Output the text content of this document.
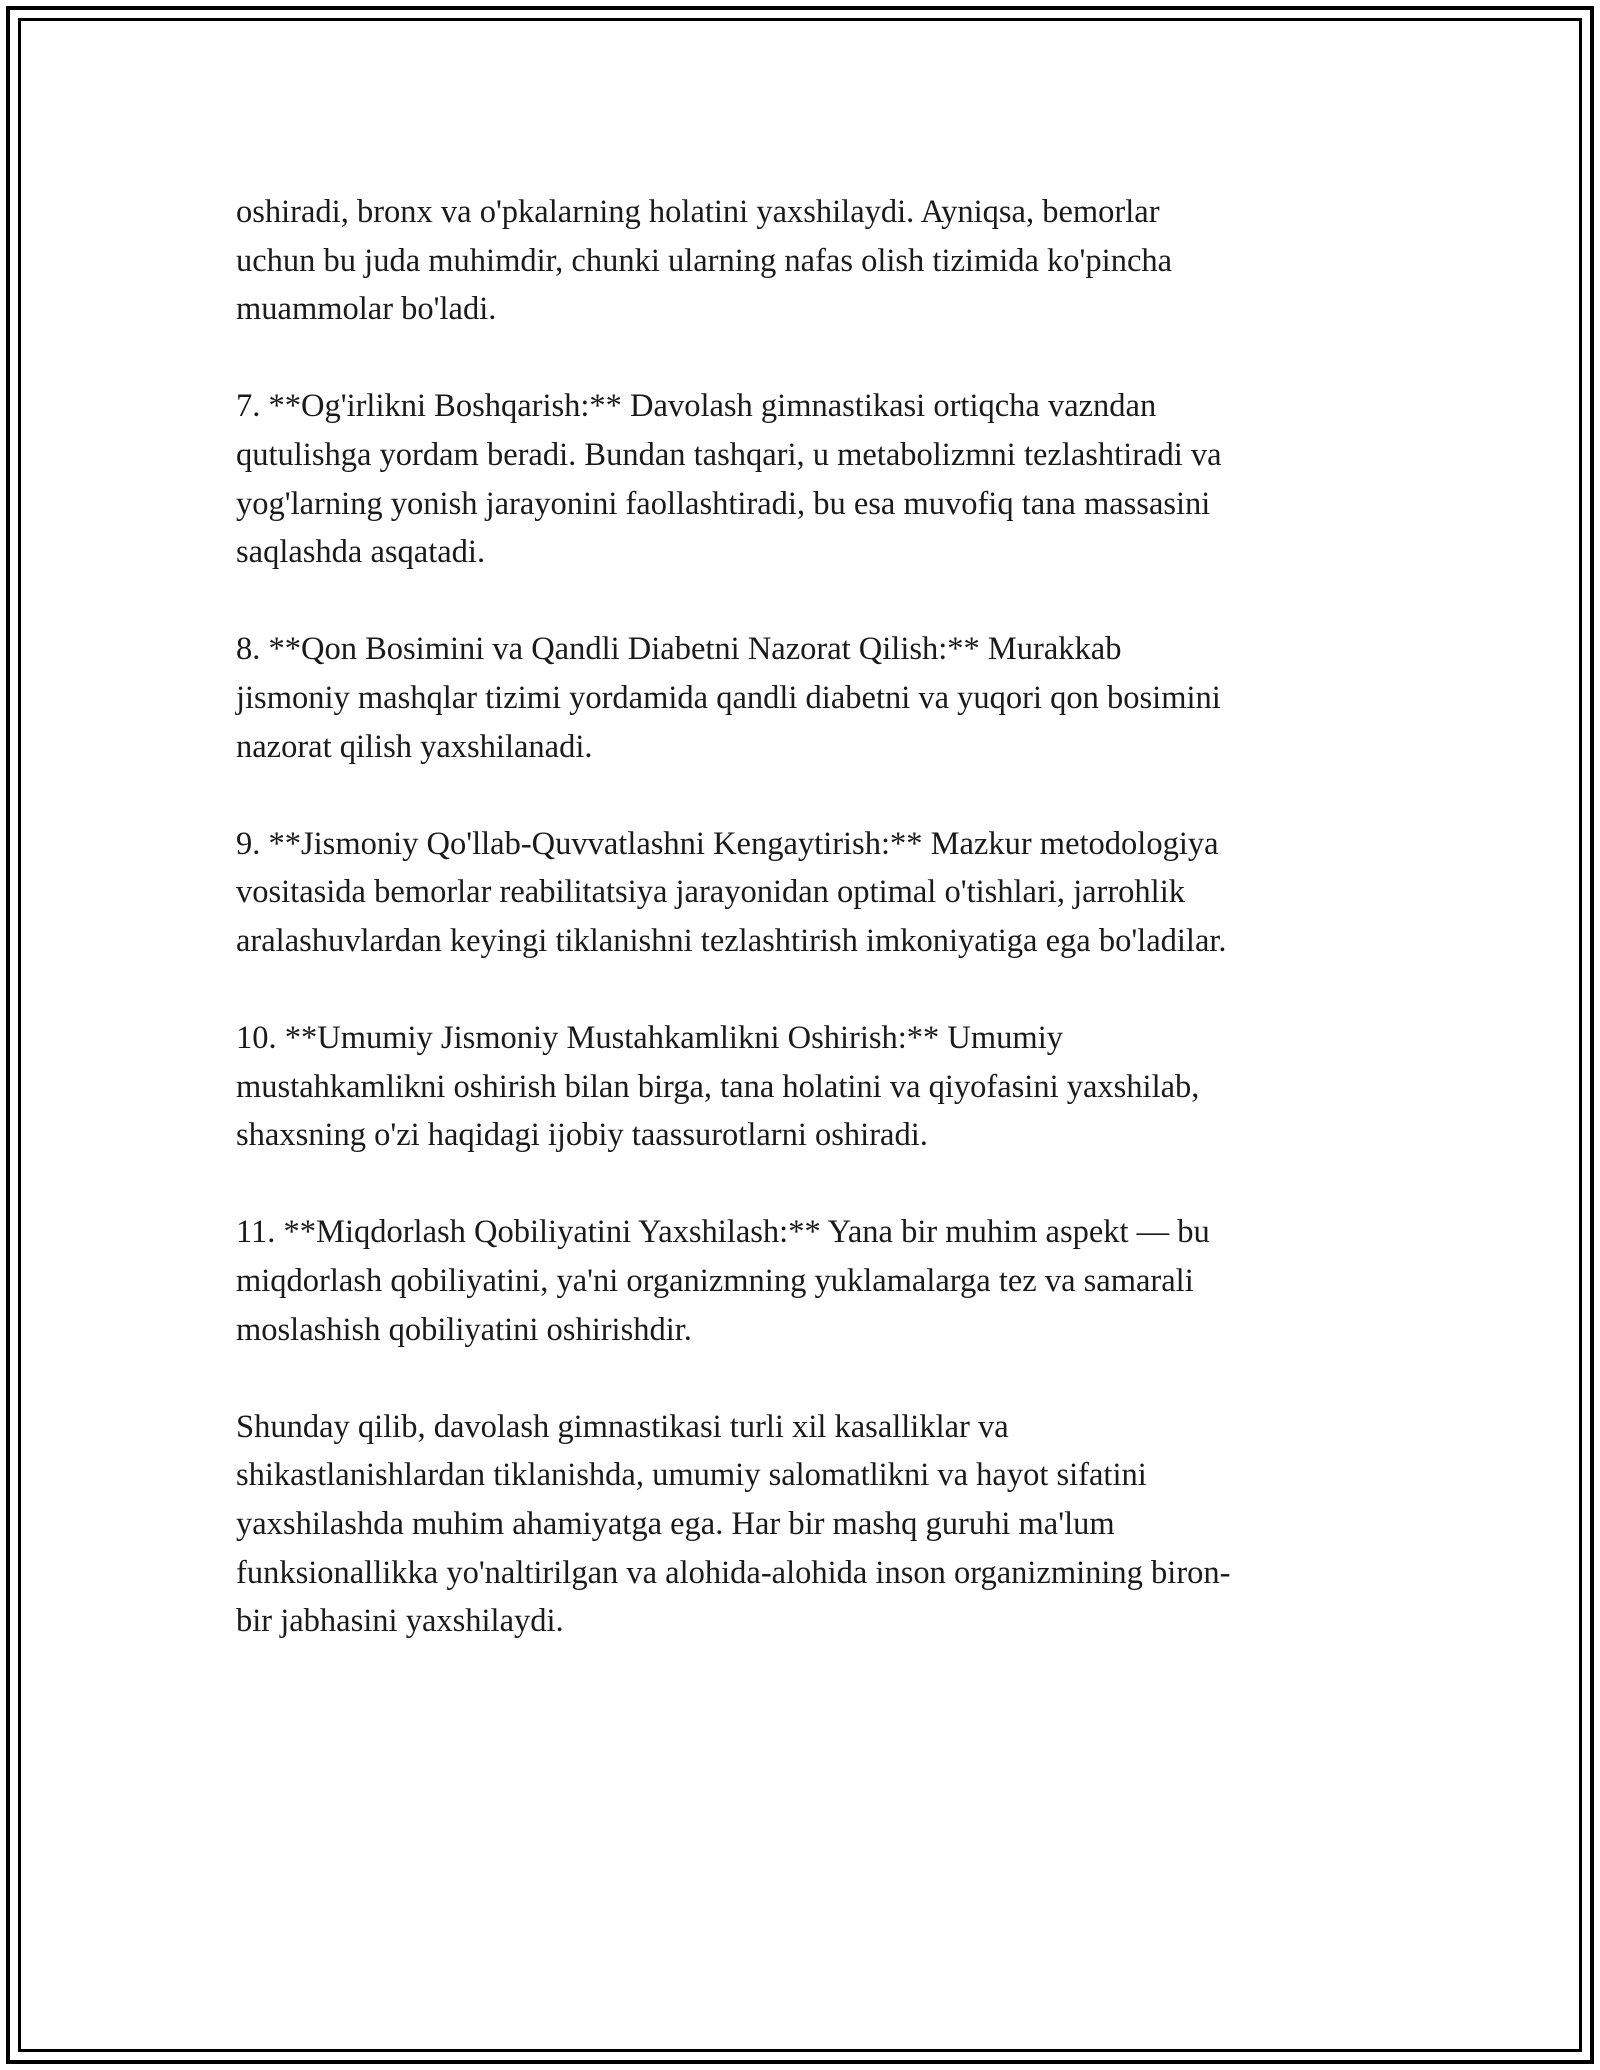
oshiradi, bronx va o'pkalarning holatini yaxshilaydi. Ayniqsa, bemorlar
uchun bu juda muhimdir, chunki ularning nafas olish tizimida ko'pincha
muammolar bo'ladi.

7. **Og'irlikni Boshqarish:** Davolash gimnastikasi ortiqcha vazndan
qutulishga yordam beradi. Bundan tashqari, u metabolizmni tezlashtiradi va
yog'larning yonish jarayonini faollashtiradi, bu esa muvofiq tana massasini
saqlashda asqatadi.

8. **Qon Bosimini va Qandli Diabetni Nazorat Qilish:** Murakkab
jismoniy mashqlar tizimi yordamida qandli diabetni va yuqori qon bosimini
nazorat qilish yaxshilanadi.

9. **Jismoniy Qo'llab-Quvvatlashni Kengaytirish:** Mazkur metodologiya
vositasida bemorlar reabilitatsiya jarayonidan optimal o'tishlari, jarrohlik
aralashuvlardan keyingi tiklanishni tezlashtirish imkoniyatiga ega bo'ladilar.

10. **Umumiy Jismoniy Mustahkamlikni Oshirish:** Umumiy
mustahkamlikni oshirish bilan birga, tana holatini va qiyofasini yaxshilab,
shaxsning o'zi haqidagi ijobiy taassurotlarni oshiradi.

11. **Miqdorlash Qobiliyatini Yaxshilash:** Yana bir muhim aspekt — bu
miqdorlash qobiliyatini, ya'ni organizmning yuklamalarga tez va samarali
moslashish qobiliyatini oshirishdir.

Shunday qilib, davolash gimnastikasi turli xil kasalliklar va
shikastlanishlardan tiklanishda, umumiy salomatlikni va hayot sifatini
yaxshilashda muhim ahamiyatga ega. Har bir mashq guruhi ma'lum
funksionallikka yo'naltirilgan va alohida-alohida inson organizmining biron-
bir jabhasini yaxshilaydi.
